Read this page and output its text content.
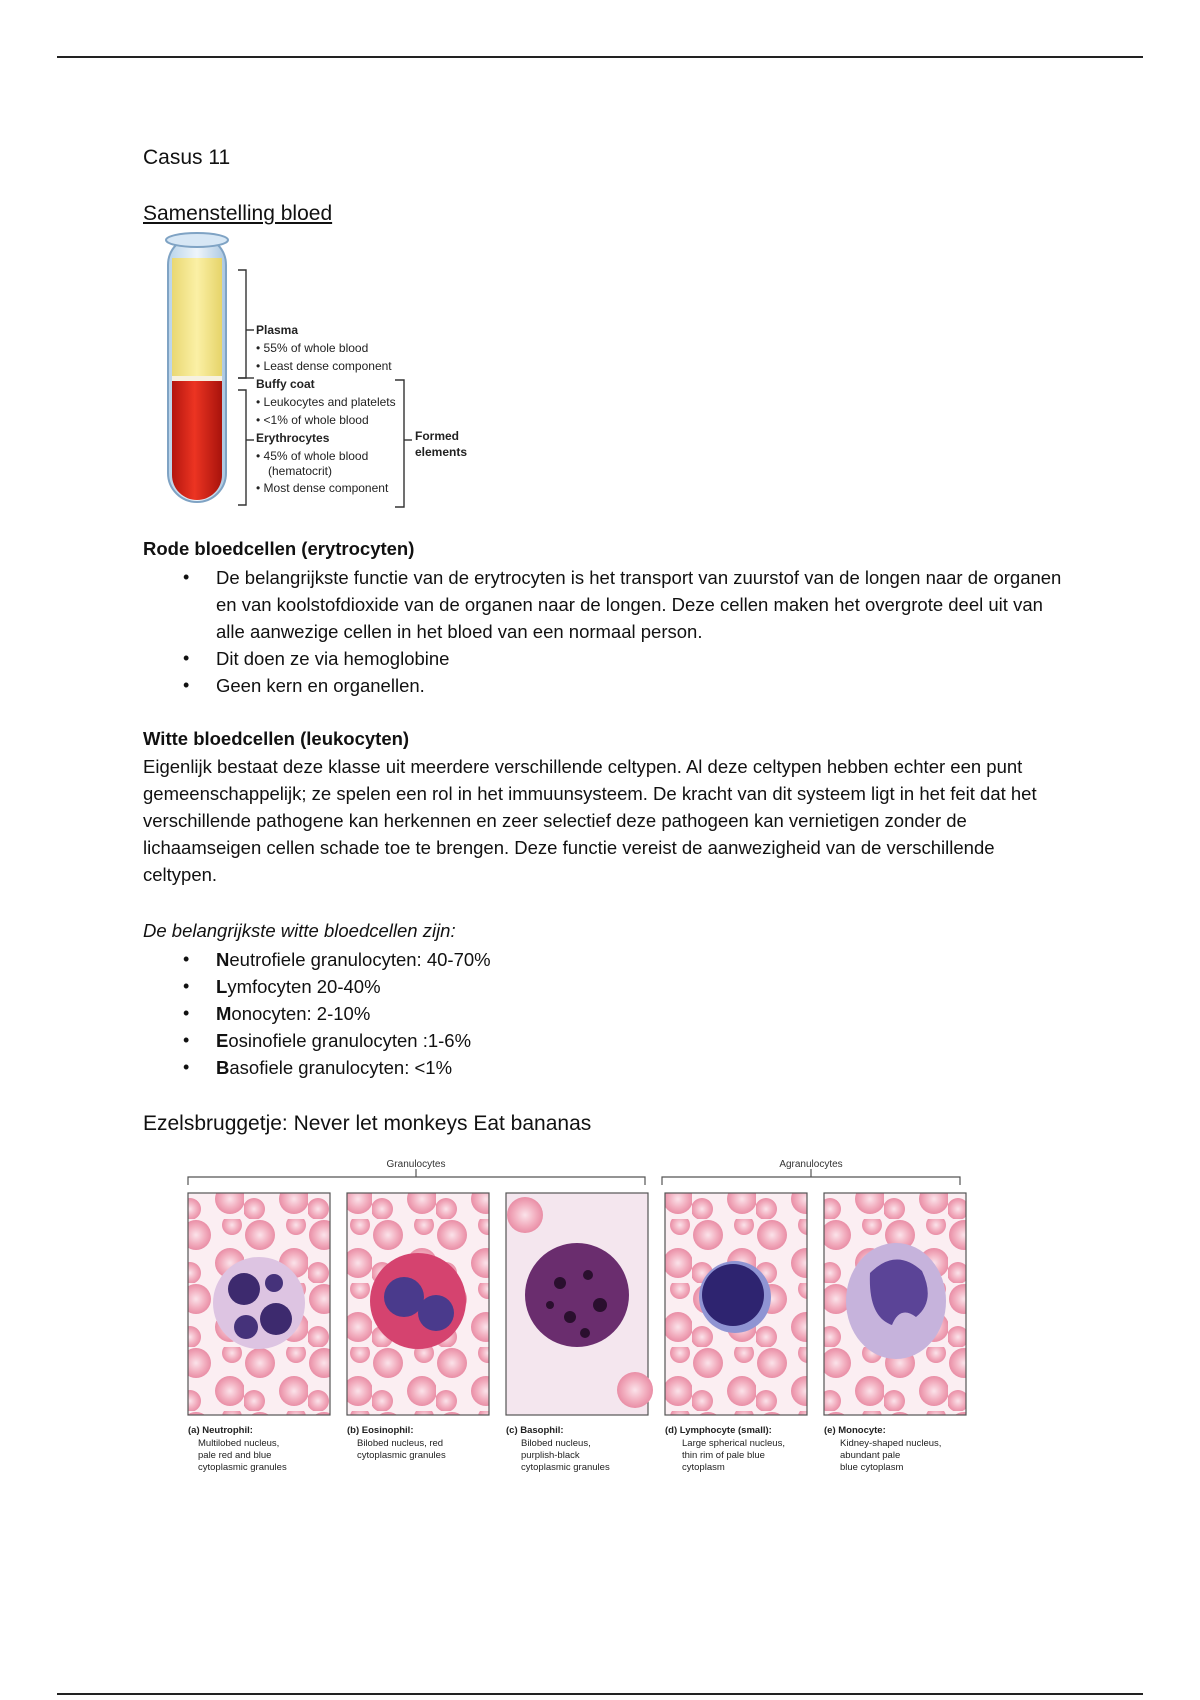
Casus 11
Samenstelling bloed
Plasma
• 55% of whole blood
• Least dense component
Buffy coat
• Leukocytes and platelets
• <1% of whole blood
Erythrocytes
• 45% of whole blood
(hematocrit)
• Most dense component
Formed
elements
Rode bloedcellen (erytrocyten)
• De belangrijkste functie van de erytrocyten is het transport van zuurstof van de longen naar de organen en van koolstofdioxide van de organen naar de longen. Deze cellen maken het overgrote deel uit van alle aanwezige cellen in het bloed van een normaal person.
• Dit doen ze via hemoglobine
• Geen kern en organellen.
Witte bloedcellen (leukocyten)
Eigenlijk bestaat deze klasse uit meerdere verschillende celtypen. Al deze celtypen hebben echter een punt gemeenschappelijk; ze spelen een rol in het immuunsysteem. De kracht van dit systeem ligt in het feit dat het verschillende pathogene kan herkennen en zeer selectief deze pathogeen kan vernietigen zonder de lichaamseigen cellen schade toe te brengen. Deze functie vereist de aanwezigheid van de verschillende celtypen.
De belangrijkste witte bloedcellen zijn:
• Neutrofiele granulocyten: 40-70%
• Lymfocyten 20-40%
• Monocyten: 2-10%
• Eosinofiele granulocyten :1-6%
• Basofiele granulocyten: <1%
Ezelsbruggetje: Never let monkeys Eat bananas
Granulocytes	Agranulocytes
(a) Neutrophil:
Multilobed nucleus,
pale red and blue
cytoplasmic granules
(b) Eosinophil:
Bilobed nucleus, red
cytoplasmic granules
(c) Basophil:
Bilobed nucleus,
purplish-black
cytoplasmic granules
(d) Lymphocyte (small):
Large spherical nucleus,
thin rim of pale blue
cytoplasm
(e) Monocyte:
Kidney-shaped nucleus,
abundant pale
blue cytoplasm
